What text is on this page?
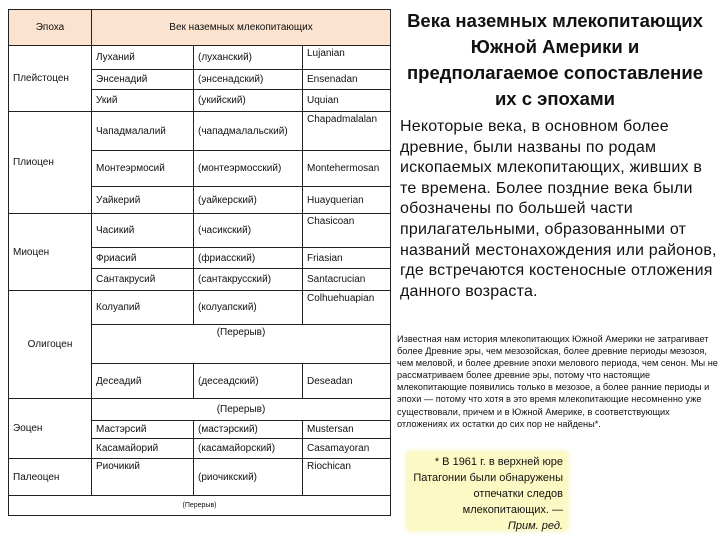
Эпоха	Век наземных млекопитающих		
Плейстоцен	Луханий	(луханский)	Lujanian
	Энсенадий	(энсенадский)	Ensenadan
	Укий	(укийский)	Uquian
Плиоцен	Чападмалалий	(чападмалальский)	Chapadmalalan
	Монтеэрмосий	(монтеэрмосский)	Montehermosan
	Уайкерий	(уайкерский)	Huayquerian
Миоцен	Часикий	(часикский)	Chasicoan
	Фриасий	(фриасский)	Friasian
	Сантакрусий	(сантакрусский)	Santacrucian
Олигоцен	Колуапий	(колуапский)	Colhuehuapian
	(Перерыв)		
	Десеадий	(десеадский)	Deseadan
Эоцен	(Перерыв)		
	Мастэрсий	(мастэрский)	Mustersan
	Касамайорий	(касамайорский)	Casamayoran
Палеоцен	Риочикий	(риочикский)	Riochican
(Перерыв)			
Века наземных млекопитающих Южной Америки и предполагаемое сопоставление их с эпохами
Некоторые века, в основном более древние, были названы по родам ископаемых млекопитающих, живших в те времена. Более поздние века были обозначены по большей части прилагательными, образованными от названий местонахождения или районов, где встречаются костеносные отложения данного возраста.
Известная нам история млекопитающих Южной Америки не затрагивает более Древние эры, чем мезозойская, более древние периоды мезозоя, чем меловой, и более древние эпохи мелового периода, чем сенон. Мы не рассматриваем более древние эры, потому что настоящие млекопитающие появились только в мезозое, а более ранние периоды и эпохи — потому что хотя в это время млекопитающие несомненно уже существовали, причем и в Южной Америке, в соответствующих отложениях их остатки до сих пор не найдены*.
* В 1961 г. в верхней юре Патагонии были обнаружены отпечатки следов млекопитающих. —
Прим. ред.
